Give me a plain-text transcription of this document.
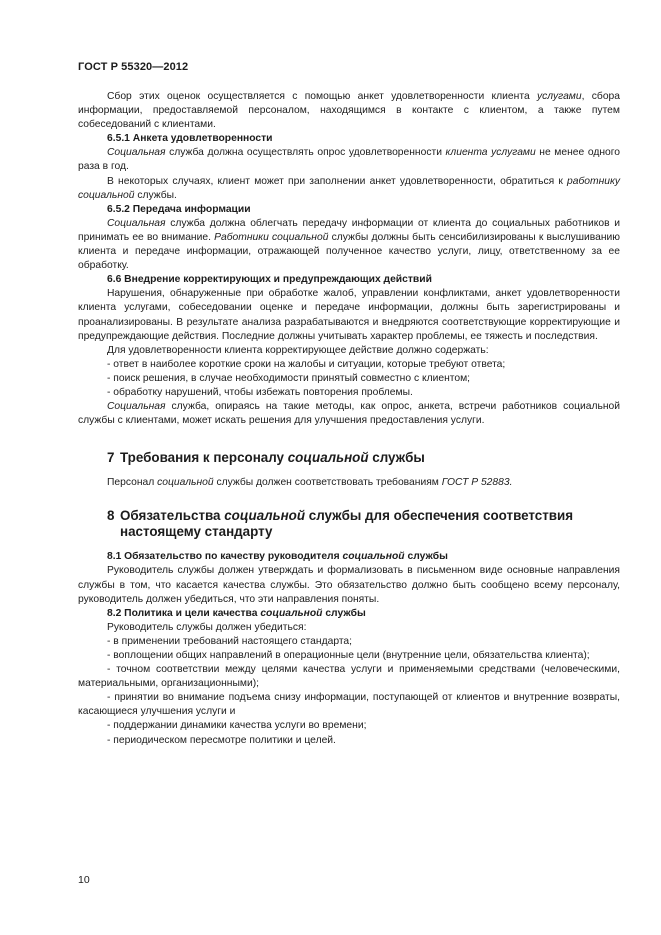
ГОСТ Р 55320—2012

Сбор этих оценок осуществляется с помощью анкет удовлетворенности клиента услугами, сбора информации, предоставляемой персоналом, находящимся в контакте с клиентом, а также путем собеседований с клиентами.

6.5.1 Анкета удовлетворенности

Социальная служба должна осуществлять опрос удовлетворенности клиента услугами не менее одного раза в год.

В некоторых случаях, клиент может при заполнении анкет удовлетворенности, обратиться к работнику социальной службы.

6.5.2 Передача информации

Социальная служба должна облегчать передачу информации от клиента до социальных работников и принимать ее во внимание. Работники социальной службы должны быть сенсибилизированы к выслушиванию клиента и передаче информации, отражающей полученное качество услуги, лицу, ответственному за ее обработку.

6.6 Внедрение корректирующих и предупреждающих действий

Нарушения, обнаруженные при обработке жалоб, управлении конфликтами, анкет удовлетворенности клиента услугами, собеседовании оценке и передаче информации, должны быть зарегистрированы и проанализированы. В результате анализа разрабатываются и внедряются соответствующие корректирующие и предупреждающие действия. Последние должны учитывать характер проблемы, ее тяжесть и последствия.

Для удовлетворенности клиента корректирующее действие должно содержать:

- ответ в наиболее короткие сроки на жалобы и ситуации, которые требуют ответа;

- поиск решения, в случае необходимости принятый совместно с клиентом;

- обработку нарушений, чтобы избежать повторения проблемы.

Социальная служба, опираясь на такие методы, как опрос, анкета, встречи работников социальной службы с клиентами, может искать решения для улучшения предоставления услуги.

7 Требования к персоналу социальной службы

Персонал социальной службы должен соответствовать требованиям ГОСТ Р 52883.

8 Обязательства социальной службы для обеспечения соответствия настоящему стандарту

8.1 Обязательство по качеству руководителя социальной службы

Руководитель службы должен утверждать и формализовать в письменном виде основные направления службы в том, что касается качества службы. Это обязательство должно быть сообщено всему персоналу, руководитель должен убедиться, что эти направления поняты.

8.2 Политика и цели качества социальной службы

Руководитель службы должен убедиться:

- в применении требований настоящего стандарта;

- воплощении общих направлений в операционные цели (внутренние цели, обязательства клиента);

- точном соответствии между целями качества услуги и применяемыми средствами (человеческими, материальными, организационными);

- принятии во внимание подъема снизу информации, поступающей от клиентов и внутренние возвраты, касающиеся улучшения услуги и

- поддержании динамики качества услуги во времени;

- периодическом пересмотре политики и целей.

10
